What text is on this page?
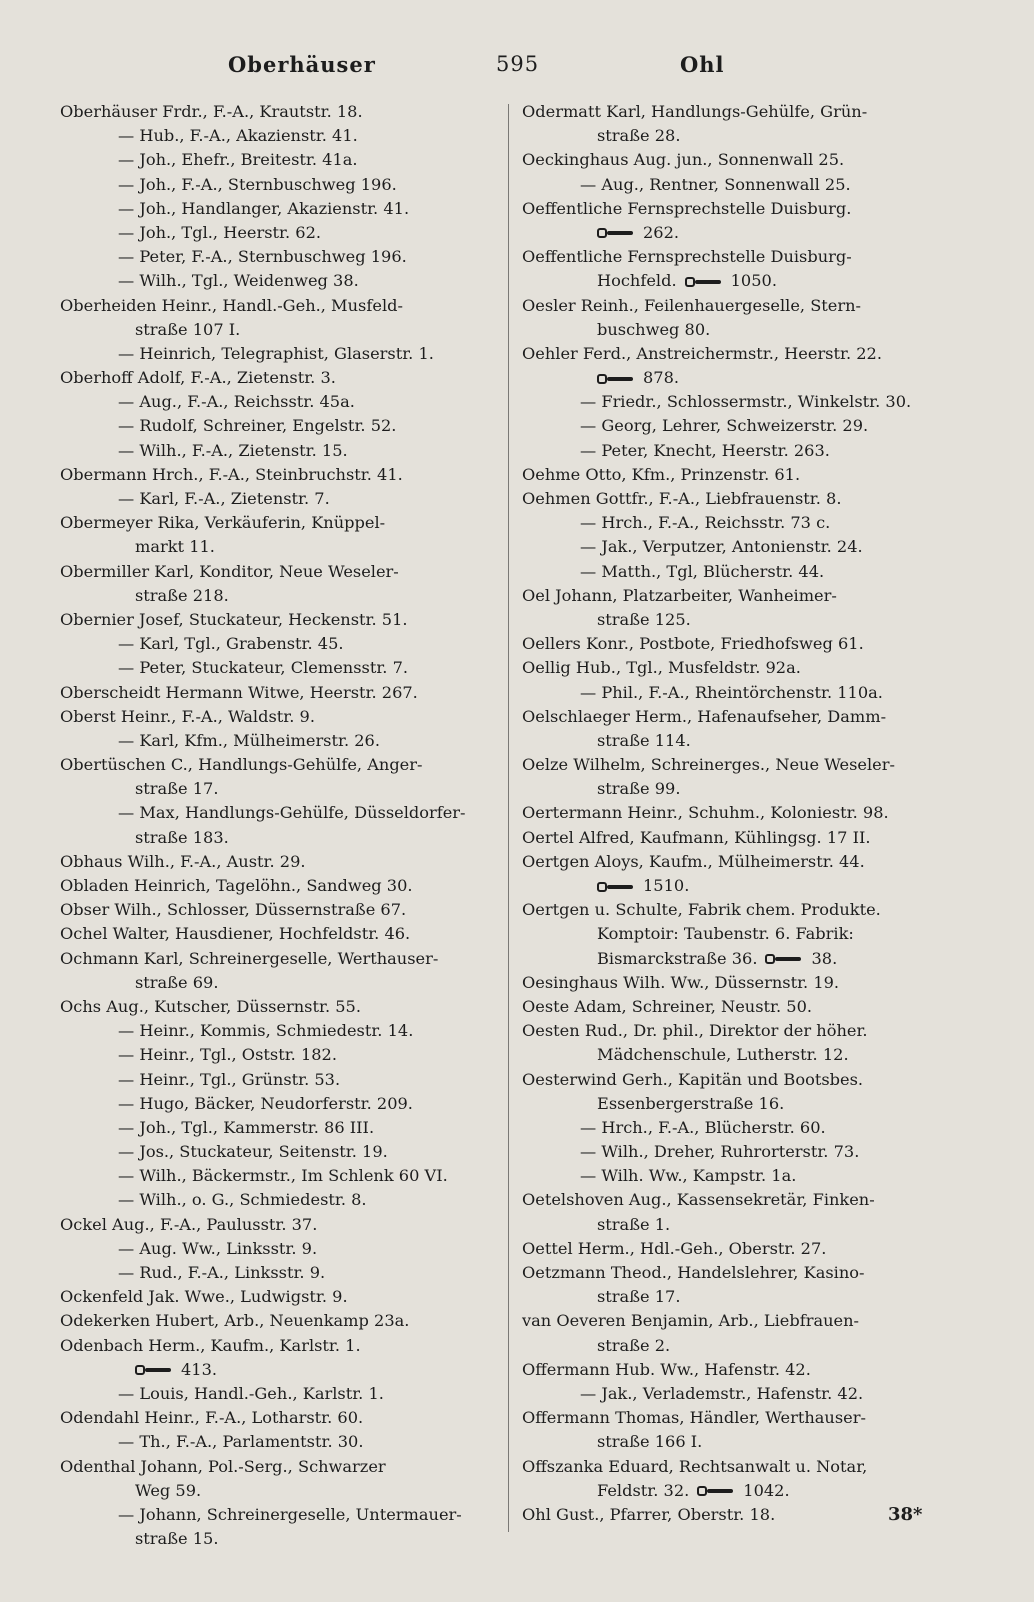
Oberhäuser	595	Ohl
Oberhäuser Frdr., F.-A., Krautstr. 18.
— Hub., F.-A., Akazienstr. 41.
— Joh., Ehefr., Breitestr. 41a.
— Joh., F.-A., Sternbuschweg 196.
— Joh., Handlanger, Akazienstr. 41.
— Joh., Tgl., Heerstr. 62.
— Peter, F.-A., Sternbuschweg 196.
— Wilh., Tgl., Weidenweg 38.
Oberheiden Heinr., Handl.-Geh., Musfeld-
straße 107 I.
— Heinrich, Telegraphist, Glaserstr. 1.
Oberhoff Adolf, F.-A., Zietenstr. 3.
— Aug., F.-A., Reichsstr. 45a.
— Rudolf, Schreiner, Engelstr. 52.
— Wilh., F.-A., Zietenstr. 15.
Obermann Hrch., F.-A., Steinbruchstr. 41.
— Karl, F.-A., Zietenstr. 7.
Obermeyer Rika, Verkäuferin, Knüppel-
markt 11.
Obermiller Karl, Konditor, Neue Weseler-
straße 218.
Obernier Josef, Stuckateur, Heckenstr. 51.
— Karl, Tgl., Grabenstr. 45.
— Peter, Stuckateur, Clemensstr. 7.
Oberscheidt Hermann Witwe, Heerstr. 267.
Oberst Heinr., F.-A., Waldstr. 9.
— Karl, Kfm., Mülheimerstr. 26.
Obertüschen C., Handlungs-Gehülfe, Anger-
straße 17.
— Max, Handlungs-Gehülfe, Düsseldorfer-
straße 183.
Obhaus Wilh., F.-A., Austr. 29.
Obladen Heinrich, Tagelöhn., Sandweg 30.
Obser Wilh., Schlosser, Düssernstraße 67.
Ochel Walter, Hausdiener, Hochfeldstr. 46.
Ochmann Karl, Schreinergeselle, Werthauser-
straße 69.
Ochs Aug., Kutscher, Düssernstr. 55.
— Heinr., Kommis, Schmiedestr. 14.
— Heinr., Tgl., Oststr. 182.
— Heinr., Tgl., Grünstr. 53.
— Hugo, Bäcker, Neudorferstr. 209.
— Joh., Tgl., Kammerstr. 86 III.
— Jos., Stuckateur, Seitenstr. 19.
— Wilh., Bäckermstr., Im Schlenk 60 VI.
— Wilh., o. G., Schmiedestr. 8.
Ockel Aug., F.-A., Paulusstr. 37.
— Aug. Ww., Linksstr. 9.
— Rud., F.-A., Linksstr. 9.
Ockenfeld Jak. Wwe., Ludwigstr. 9.
Odekerken Hubert, Arb., Neuenkamp 23a.
Odenbach Herm., Kaufm., Karlstr. 1.
413.
— Louis, Handl.-Geh., Karlstr. 1.
Odendahl Heinr., F.-A., Lotharstr. 60.
— Th., F.-A., Parlamentstr. 30.
Odenthal Johann, Pol.-Serg., Schwarzer
Weg 59.
— Johann, Schreinergeselle, Untermauer-
straße 15.
Odermatt Karl, Handlungs-Gehülfe, Grün-
straße 28.
Oeckinghaus Aug. jun., Sonnenwall 25.
— Aug., Rentner, Sonnenwall 25.
Oeffentliche Fernsprechstelle Duisburg.
262.
Oeffentliche Fernsprechstelle Duisburg-
Hochfeld.	1050.
Oesler Reinh., Feilenhauergeselle, Stern-
buschweg 80.
Oehler Ferd., Anstreichermstr., Heerstr. 22.
878.
— Friedr., Schlossermstr., Winkelstr. 30.
— Georg, Lehrer, Schweizerstr. 29.
— Peter, Knecht, Heerstr. 263.
Oehme Otto, Kfm., Prinzenstr. 61.
Oehmen Gottfr., F.-A., Liebfrauenstr. 8.
— Hrch., F.-A., Reichsstr. 73 c.
— Jak., Verputzer, Antonienstr. 24.
— Matth., Tgl, Blücherstr. 44.
Oel Johann, Platzarbeiter, Wanheimer-
straße 125.
Oellers Konr., Postbote, Friedhofsweg 61.
Oellig Hub., Tgl., Musfeldstr. 92a.
— Phil., F.-A., Rheintörchenstr. 110a.
Oelschlaeger Herm., Hafenaufseher, Damm-
straße 114.
Oelze Wilhelm, Schreinerges., Neue Weseler-
straße 99.
Oertermann Heinr., Schuhm., Koloniestr. 98.
Oertel Alfred, Kaufmann, Kühlingsg. 17 II.
Oertgen Aloys, Kaufm., Mülheimerstr. 44.
1510.
Oertgen u. Schulte, Fabrik chem. Produkte.
Komptoir: Taubenstr. 6. Fabrik:
Bismarckstraße 36.	38.
Oesinghaus Wilh. Ww., Düssernstr. 19.
Oeste Adam, Schreiner, Neustr. 50.
Oesten Rud., Dr. phil., Direktor der höher.
Mädchenschule, Lutherstr. 12.
Oesterwind Gerh., Kapitän und Bootsbes.
Essenbergerstraße 16.
— Hrch., F.-A., Blücherstr. 60.
— Wilh., Dreher, Ruhrorterstr. 73.
— Wilh. Ww., Kampstr. 1a.
Oetelshoven Aug., Kassensekretär, Finken-
straße 1.
Oettel Herm., Hdl.-Geh., Oberstr. 27.
Oetzmann Theod., Handelslehrer, Kasino-
straße 17.
van Oeveren Benjamin, Arb., Liebfrauen-
straße 2.
Offermann Hub. Ww., Hafenstr. 42.
— Jak., Verlademstr., Hafenstr. 42.
Offermann Thomas, Händler, Werthauser-
straße 166 I.
Offszanka Eduard, Rechtsanwalt u. Notar,
Feldstr. 32.	1042.
Ohl Gust., Pfarrer, Oberstr. 18.	38*
